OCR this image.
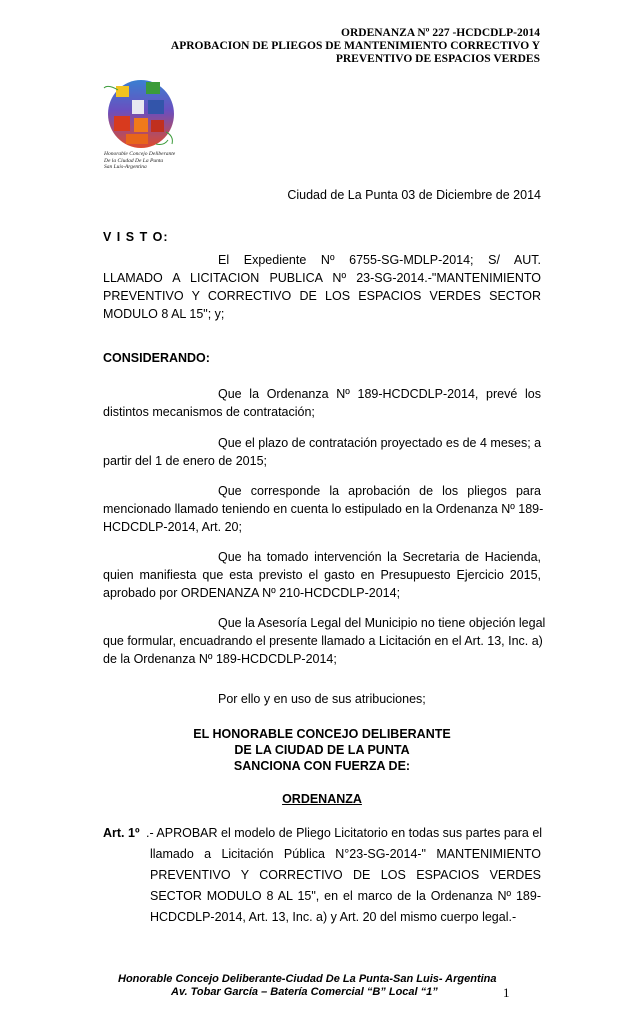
ORDENANZA Nº 227 -HCDCDLP-2014
APROBACION DE PLIEGOS DE MANTENIMIENTO CORRECTIVO Y
PREVENTIVO DE ESPACIOS VERDES
Honorable Concejo Deliberante
De la Ciudad De La Punta
San Luis-Argentina
Ciudad de La Punta 03 de Diciembre de 2014
V I S T O:
El Expediente Nº 6755-SG-MDLP-2014; S/ AUT.
LLAMADO A LICITACION PUBLICA Nº 23-SG-2014.-"MANTENIMIENTO
PREVENTIVO Y CORRECTIVO DE LOS ESPACIOS VERDES SECTOR
MODULO 8 AL 15"; y;
CONSIDERANDO:
Que la Ordenanza Nº 189-HCDCDLP-2014, prevé los
distintos mecanismos de contratación;
Que el plazo de contratación proyectado es de 4 meses; a
partir del 1 de enero de 2015;
Que corresponde la aprobación de los pliegos para
mencionado llamado teniendo en cuenta lo estipulado en la Ordenanza Nº 189-
HCDCDLP-2014, Art. 20;
Que ha tomado intervención la Secretaria de Hacienda,
quien manifiesta que esta previsto el gasto en Presupuesto Ejercicio 2015,
aprobado por ORDENANZA Nº 210-HCDCDLP-2014;
Que la Asesoría Legal del Municipio no tiene objeción legal
que formular, encuadrando el presente llamado a Licitación en el Art. 13, Inc. a)
de la Ordenanza Nº 189-HCDCDLP-2014;
Por ello y en uso de sus atribuciones;
EL HONORABLE CONCEJO DELIBERANTE
DE LA CIUDAD DE LA PUNTA
SANCIONA CON FUERZA DE:
ORDENANZA
Art. 1º .- APROBAR el modelo de Pliego Licitatorio en todas sus partes para el
llamado a Licitación Pública N°23-SG-2014-" MANTENIMIENTO
PREVENTIVO Y CORRECTIVO DE LOS ESPACIOS VERDES
SECTOR MODULO 8 AL 15", en el marco de la Ordenanza Nº 189-
HCDCDLP-2014, Art. 13, Inc. a) y Art. 20 del mismo cuerpo legal.-
Honorable Concejo Deliberante-Ciudad De La Punta-San Luis- Argentina
Av. Tobar García – Batería Comercial “B” Local “1”	1
